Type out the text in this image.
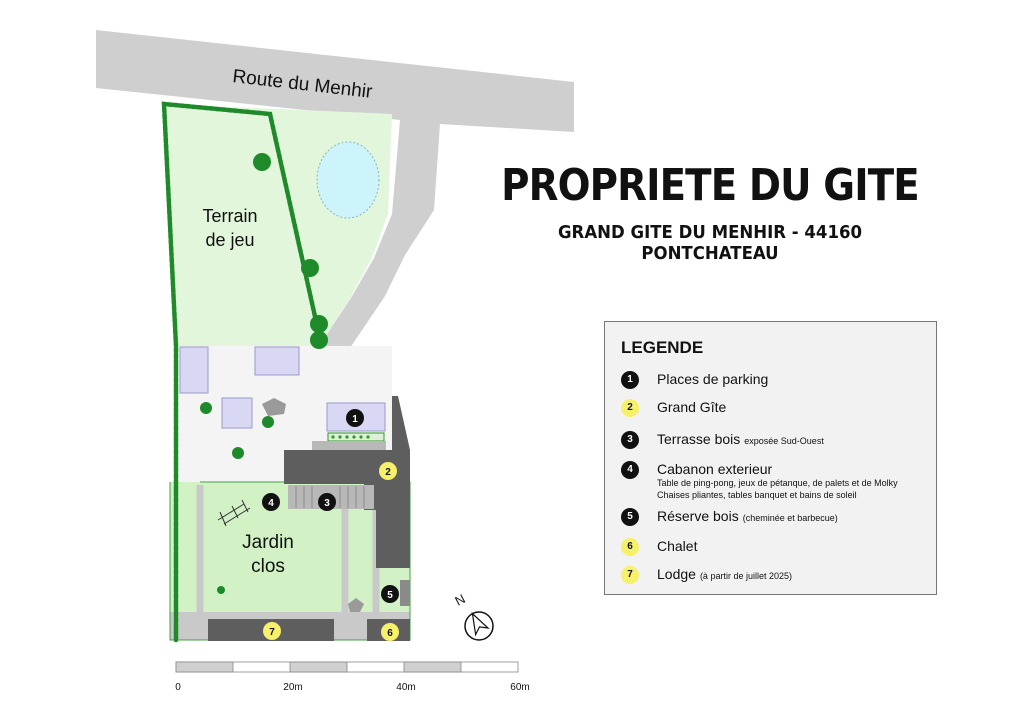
Route du Menhir
Terrain
de jeu
Jardin
clos
1
2
3
4
5
6
7
N
0	20m	40m	60m
PROPRIETE DU GITE
GRAND GITE DU MENHIR - 44160 PONTCHATEAU
LEGENDE
1	Places de parking
2	Grand Gîte
3	Terrasse bois exposée Sud-Ouest
4	Cabanon exterieur
Table de ping-pong, jeux de pétanque, de palets et de Molky
Chaises pliantes, tables banquet et bains de soleil
5	Réserve bois (cheminée et barbecue)
6	Chalet
7	Lodge (à partir de juillet 2025)
